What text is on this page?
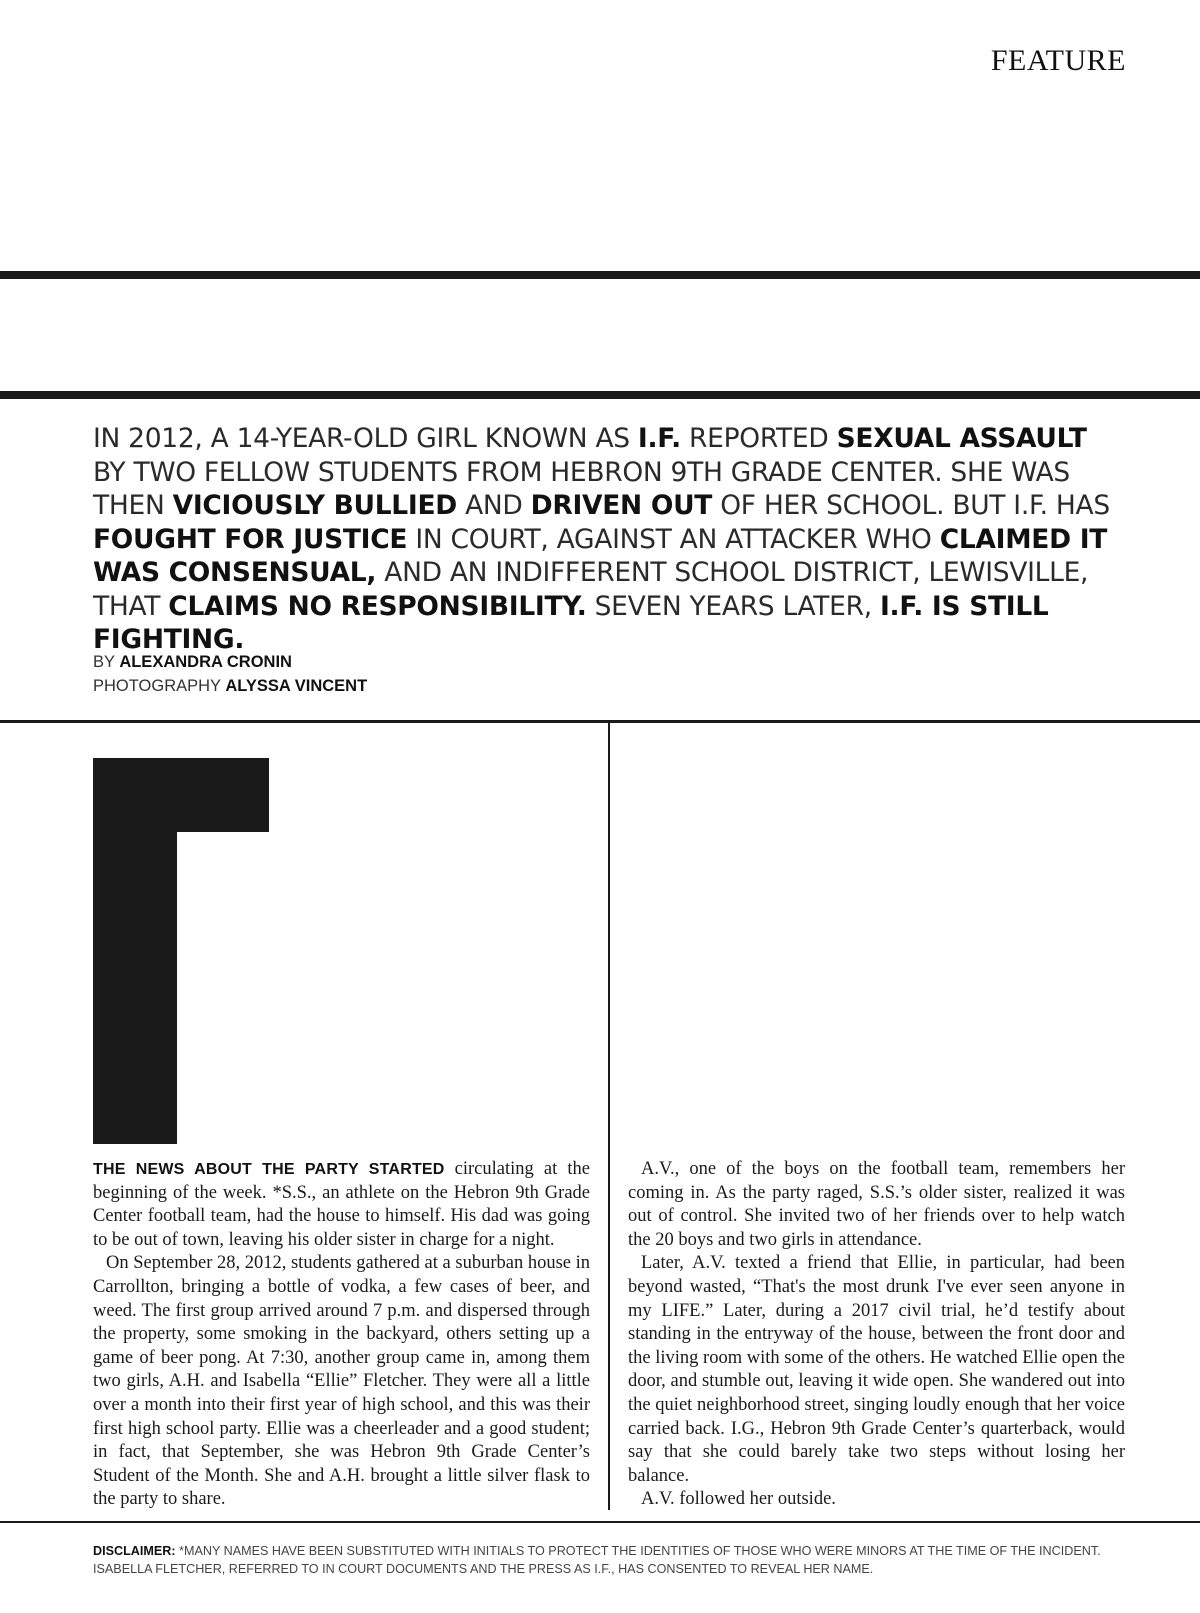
FEATURE
IN 2012, A 14-YEAR-OLD GIRL KNOWN AS I.F. REPORTED SEXUAL ASSAULT BY TWO FELLOW STUDENTS FROM HEBRON 9TH GRADE CENTER. SHE WAS THEN VICIOUSLY BULLIED AND DRIVEN OUT OF HER SCHOOL. BUT I.F. HAS FOUGHT FOR JUSTICE IN COURT, AGAINST AN ATTACKER WHO CLAIMED IT WAS CONSENSUAL, AND AN INDIFFERENT SCHOOL DISTRICT, LEWISVILLE, THAT CLAIMS NO RESPONSIBILITY. SEVEN YEARS LATER, I.F. IS STILL FIGHTING.
BY ALEXANDRA CRONIN
PHOTOGRAPHY ALYSSA VINCENT

THE NEWS ABOUT THE PARTY STARTED circulating at the beginning of the week. *S.S., an athlete on the Hebron 9th Grade Center football team, had the house to himself. His dad was going to be out of town, leaving his older sister in charge for a night.

On September 28, 2012, students gathered at a suburban house in Carrollton, bringing a bottle of vodka, a few cases of beer, and weed. The first group arrived around 7 p.m. and dispersed through the property, some smoking in the backyard, others setting up a game of beer pong. At 7:30, another group came in, among them two girls, A.H. and Isabella “Ellie” Fletcher. They were all a little over a month into their first year of high school, and this was their first high school party. Ellie was a cheerleader and a good student; in fact, that September, she was Hebron 9th Grade Center’s Student of the Month. She and A.H. brought a little silver flask to the party to share.

A.V., one of the boys on the football team, remembers her coming in. As the party raged, S.S.’s older sister, realized it was out of control. She invited two of her friends over to help watch the 20 boys and two girls in attendance.

Later, A.V. texted a friend that Ellie, in particular, had been beyond wasted, “That's the most drunk I've ever seen anyone in my LIFE.” Later, during a 2017 civil trial, he’d testify about standing in the entryway of the house, between the front door and the living room with some of the others. He watched Ellie open the door, and stumble out, leaving it wide open. She wandered out into the quiet neighborhood street, singing loudly enough that her voice carried back. I.G., Hebron 9th Grade Center’s quarterback, would say that she could barely take two steps without losing her balance.

A.V. followed her outside.

DISCLAIMER: *MANY NAMES HAVE BEEN SUBSTITUTED WITH INITIALS TO PROTECT THE IDENTITIES OF THOSE WHO WERE MINORS AT THE TIME OF THE INCIDENT. ISABELLA FLETCHER, REFERRED TO IN COURT DOCUMENTS AND THE PRESS AS I.F., HAS CONSENTED TO REVEAL HER NAME.
